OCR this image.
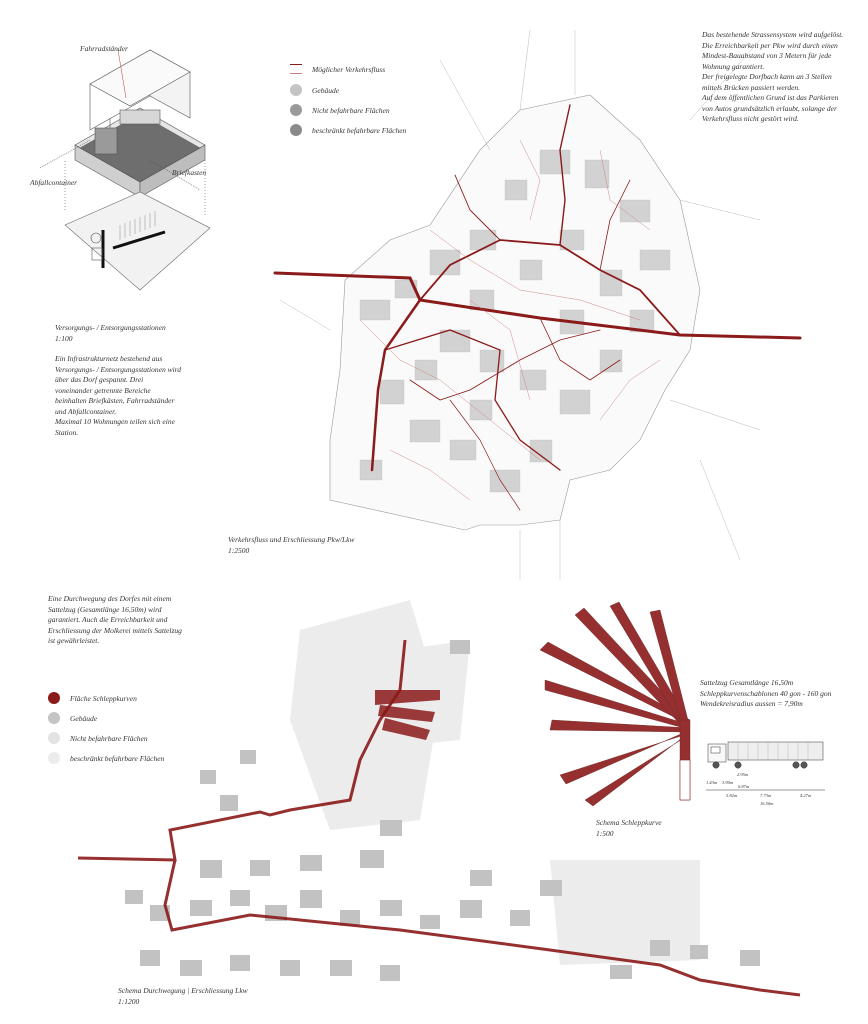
Fahrradständer
Abfallcontainer
Briefkasten
Versorgungs- / Entsorgungsstationen
1:100
Ein Infrastrukturnetz bestehend aus
Versorgungs- / Entsorgungsstationen wird
über das Dorf gespannt. Drei
voneinander getrennte Bereiche
beinhalten Briefkästen, Fahrradständer
und Abfallcontainer.
Maximal 10 Wohnungen teilen sich eine
Station.
Möglicher Verkehrsfluss
Gebäude
Nicht befahrbare Flächen
beschränkt befahrbare Flächen
Das bestehende Strassensystem wird aufgelöst.
Die Erreichbarkeit per Pkw wird durch einen
Mindest-Bauabstand von 3 Metern für jede
Wohnung garantiert.
Der freigelegte Dorfbach kann an 3 Stellen
mittels Brücken passiert werden.
Auf dem öffentlichen Grund ist das Parkieren
von Autos grundsätzlich erlaubt, solange der
Verkehrsfluss nicht gestört wird.
Verkehrsfluss und Erschliessung Pkw/Lkw
1:2500
Eine Durchwegung des Dorfes mit einem
Sattelzug (Gesamtlänge 16,50m) wird
garantiert. Auch die Erreichbarkeit und
Erschliessung der Molkerei mittels Sattelzug
ist gewährleistet.
Fläche Schleppkurven
Gebäude
Nicht befahrbare Flächen
beschränkt befahrbare Flächen
Sattelzug Gesamtlänge 16,50m
Schleppkurvenschablonen 40 gon - 160 gon
Wendekreisradius aussen = 7,90m
1.43m 3.90m
0.87m
2.95m
3.82m	7.73m	4.27m
16.50m
Schema Schleppkurve
1:500
Schema Durchwegung | Erschliessung Lkw
1:1200
